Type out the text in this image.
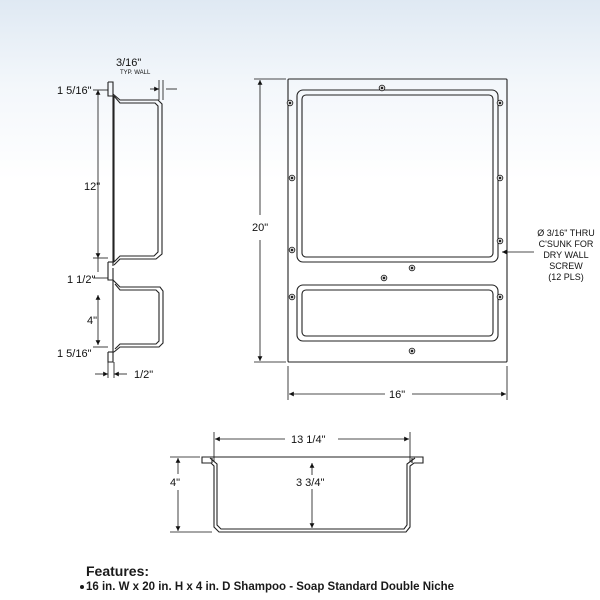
3/16"
TYP. WALL
1 5/16"
12"
1 1/2"
4"
1 5/16"
1/2"
20"
16"
Ø 3/16" THRU
C'SUNK FOR
DRY WALL
SCREW
(12 PLS)
13 1/4"
4"	3 3/4"
Features:
16 in. W x 20 in. H x 4 in. D Shampoo - Soap Standard Double Niche
